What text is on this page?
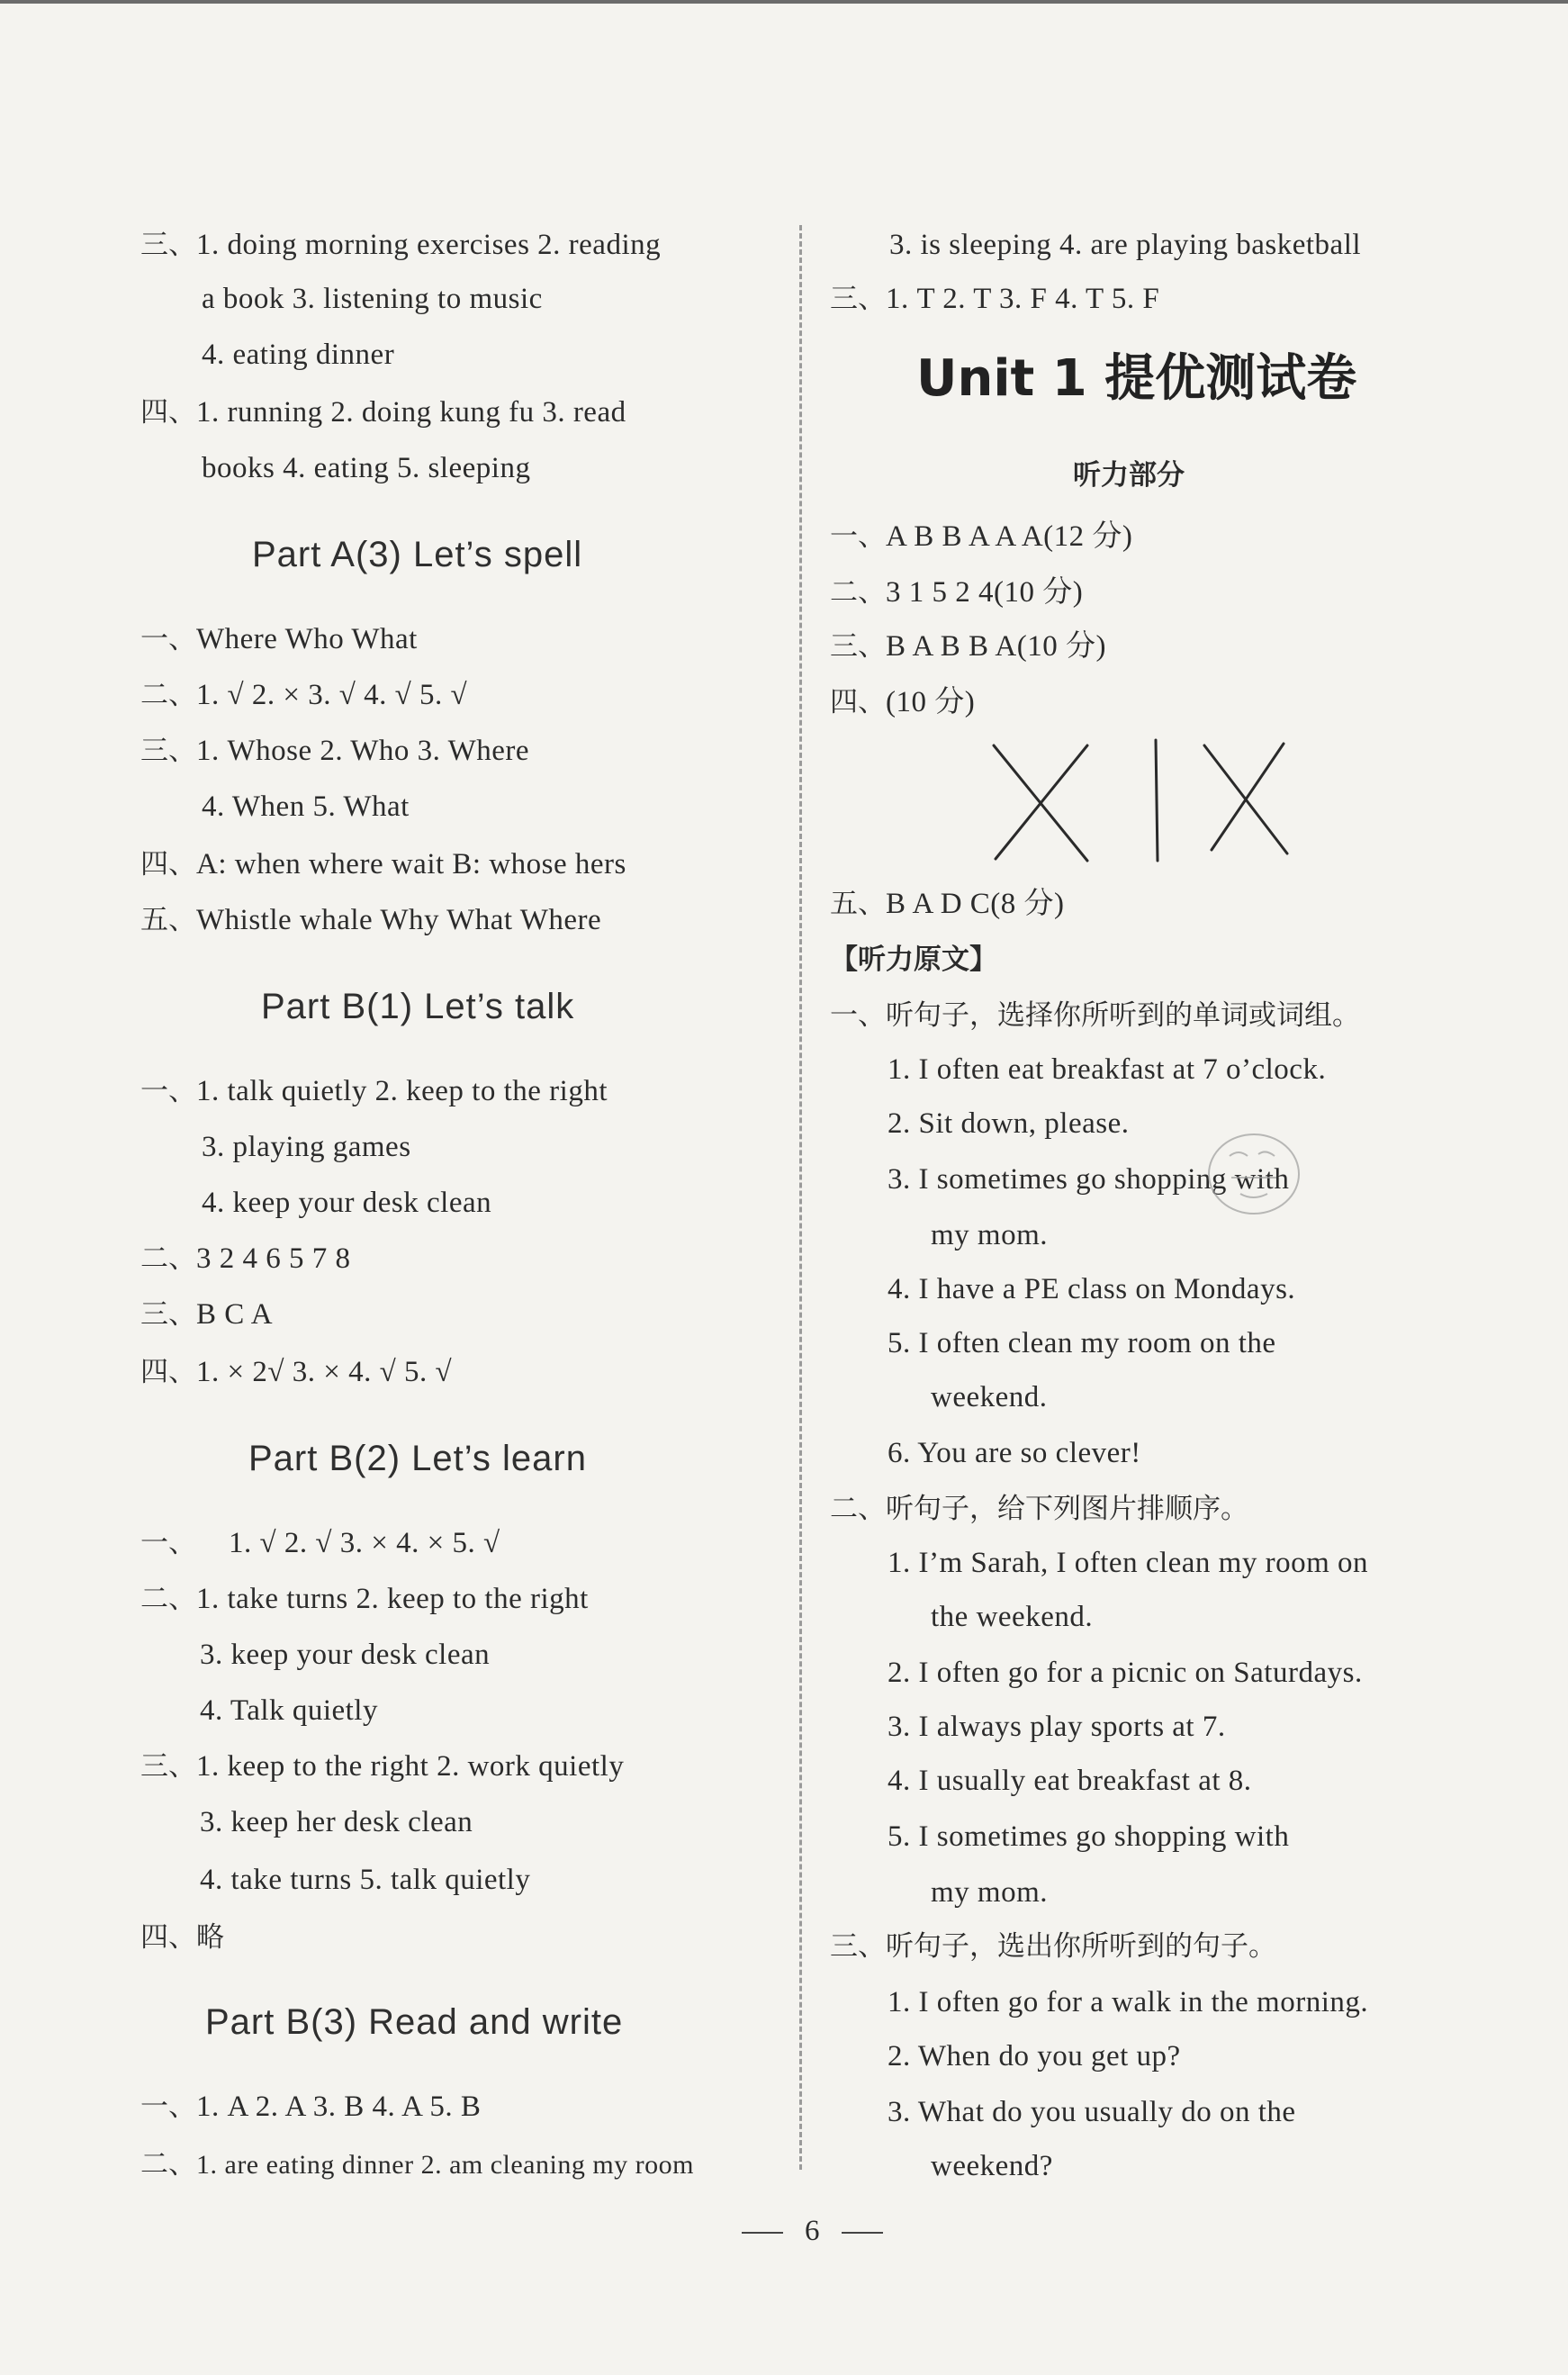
三、1. doing morning exercises 2. reading
a book 3. listening to music
4. eating dinner
四、1. running 2. doing kung fu 3. read
books 4. eating 5. sleeping
Part A(3) Let’s spell
一、Where Who What
二、1. √ 2. × 3. √ 4. √ 5. √
三、1. Whose 2. Who 3. Where
4. When 5. What
四、A: when where wait B: whose hers
五、Whistle whale Why What Where
Part B(1) Let’s talk
一、1. talk quietly 2. keep to the right
3. playing games
4. keep your desk clean
二、3 2 4 6 5 7 8
三、B C A
四、1. × 2√ 3. × 4. √ 5. √
Part B(2) Let’s learn
一、 1. √ 2. √ 3. × 4. × 5. √
二、1. take turns 2. keep to the right
3. keep your desk clean
4. Talk quietly
三、1. keep to the right 2. work quietly
3. keep her desk clean
4. take turns 5. talk quietly
四、略
Part B(3) Read and write
一、1. A 2. A 3. B 4. A 5. B
二、1. are eating dinner 2. am cleaning my room
3. is sleeping 4. are playing basketball
三、1. T 2. T 3. F 4. T 5. F
Unit 1 提优测试卷
听力部分
一、A B B A A A(12 分)
二、3 1 5 2 4(10 分)
三、B A B B A(10 分)
四、(10 分)
五、B A D C(8 分)
【听力原文】
一、听句子，选择你所听到的单词或词组。
1. I often eat breakfast at 7 o’clock.
2. Sit down, please.
3. I sometimes go shopping with
my mom.
4. I have a PE class on Mondays.
5. I often clean my room on the
weekend.
6. You are so clever!
二、听句子，给下列图片排顺序。
1. I’m Sarah, I often clean my room on
the weekend.
2. I often go for a picnic on Saturdays.
3. I always play sports at 7.
4. I usually eat breakfast at 8.
5. I sometimes go shopping with
my mom.
三、听句子，选出你所听到的句子。
1. I often go for a walk in the morning.
2. When do you get up?
3. What do you usually do on the
weekend?
6
